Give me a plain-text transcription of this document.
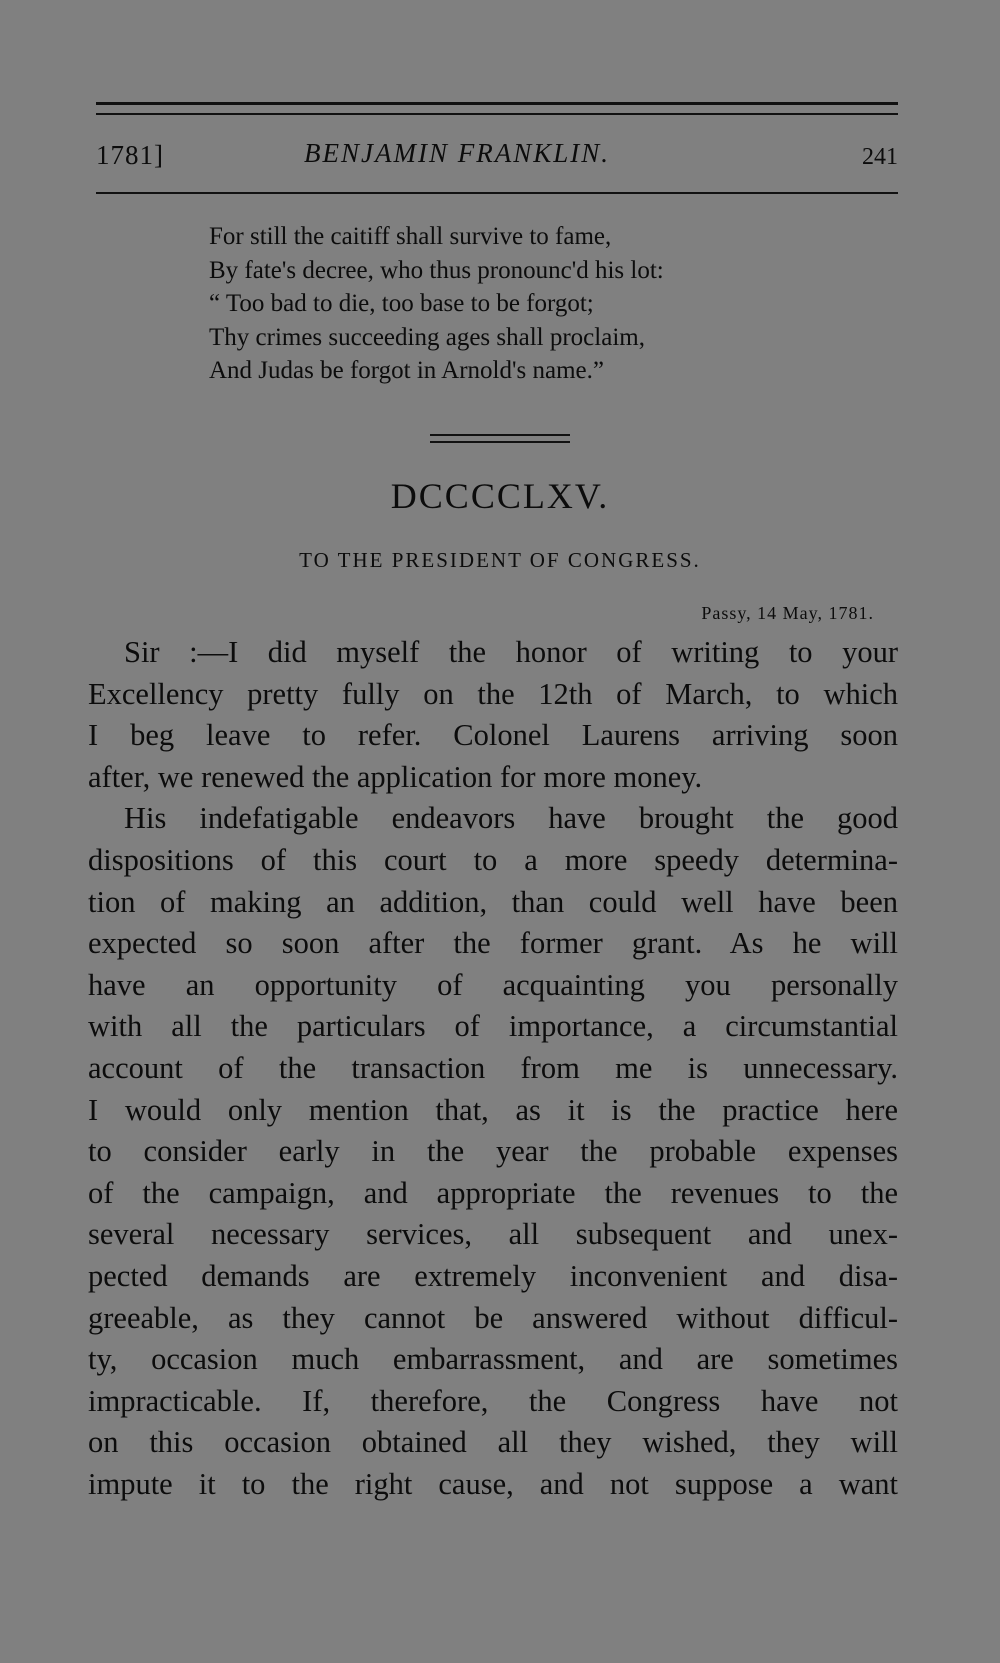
1781]	BENJAMIN FRANKLIN.	241
For still the caitiff shall survive to fame,
By fate's decree, who thus pronounc'd his lot:
“ Too bad to die, too base to be forgot;
Thy crimes succeeding ages shall proclaim,
And Judas be forgot in Arnold's name.”
DCCCCLXV.
TO THE PRESIDENT OF CONGRESS.
Passy, 14 May, 1781.
Sir :—I did myself the honor of writing to your
Excellency pretty fully on the 12th of March, to which
I beg leave to refer. Colonel Laurens arriving soon
after, we renewed the application for more money.
His indefatigable endeavors have brought the good
dispositions of this court to a more speedy determina-
tion of making an addition, than could well have been
expected so soon after the former grant. As he will
have an opportunity of acquainting you personally
with all the particulars of importance, a circumstantial
account of the transaction from me is unnecessary.
I would only mention that, as it is the practice here
to consider early in the year the probable expenses
of the campaign, and appropriate the revenues to the
several necessary services, all subsequent and unex-
pected demands are extremely inconvenient and disa-
greeable, as they cannot be answered without difficul-
ty, occasion much embarrassment, and are sometimes
impracticable. If, therefore, the Congress have not
on this occasion obtained all they wished, they will
impute it to the right cause, and not suppose a want
